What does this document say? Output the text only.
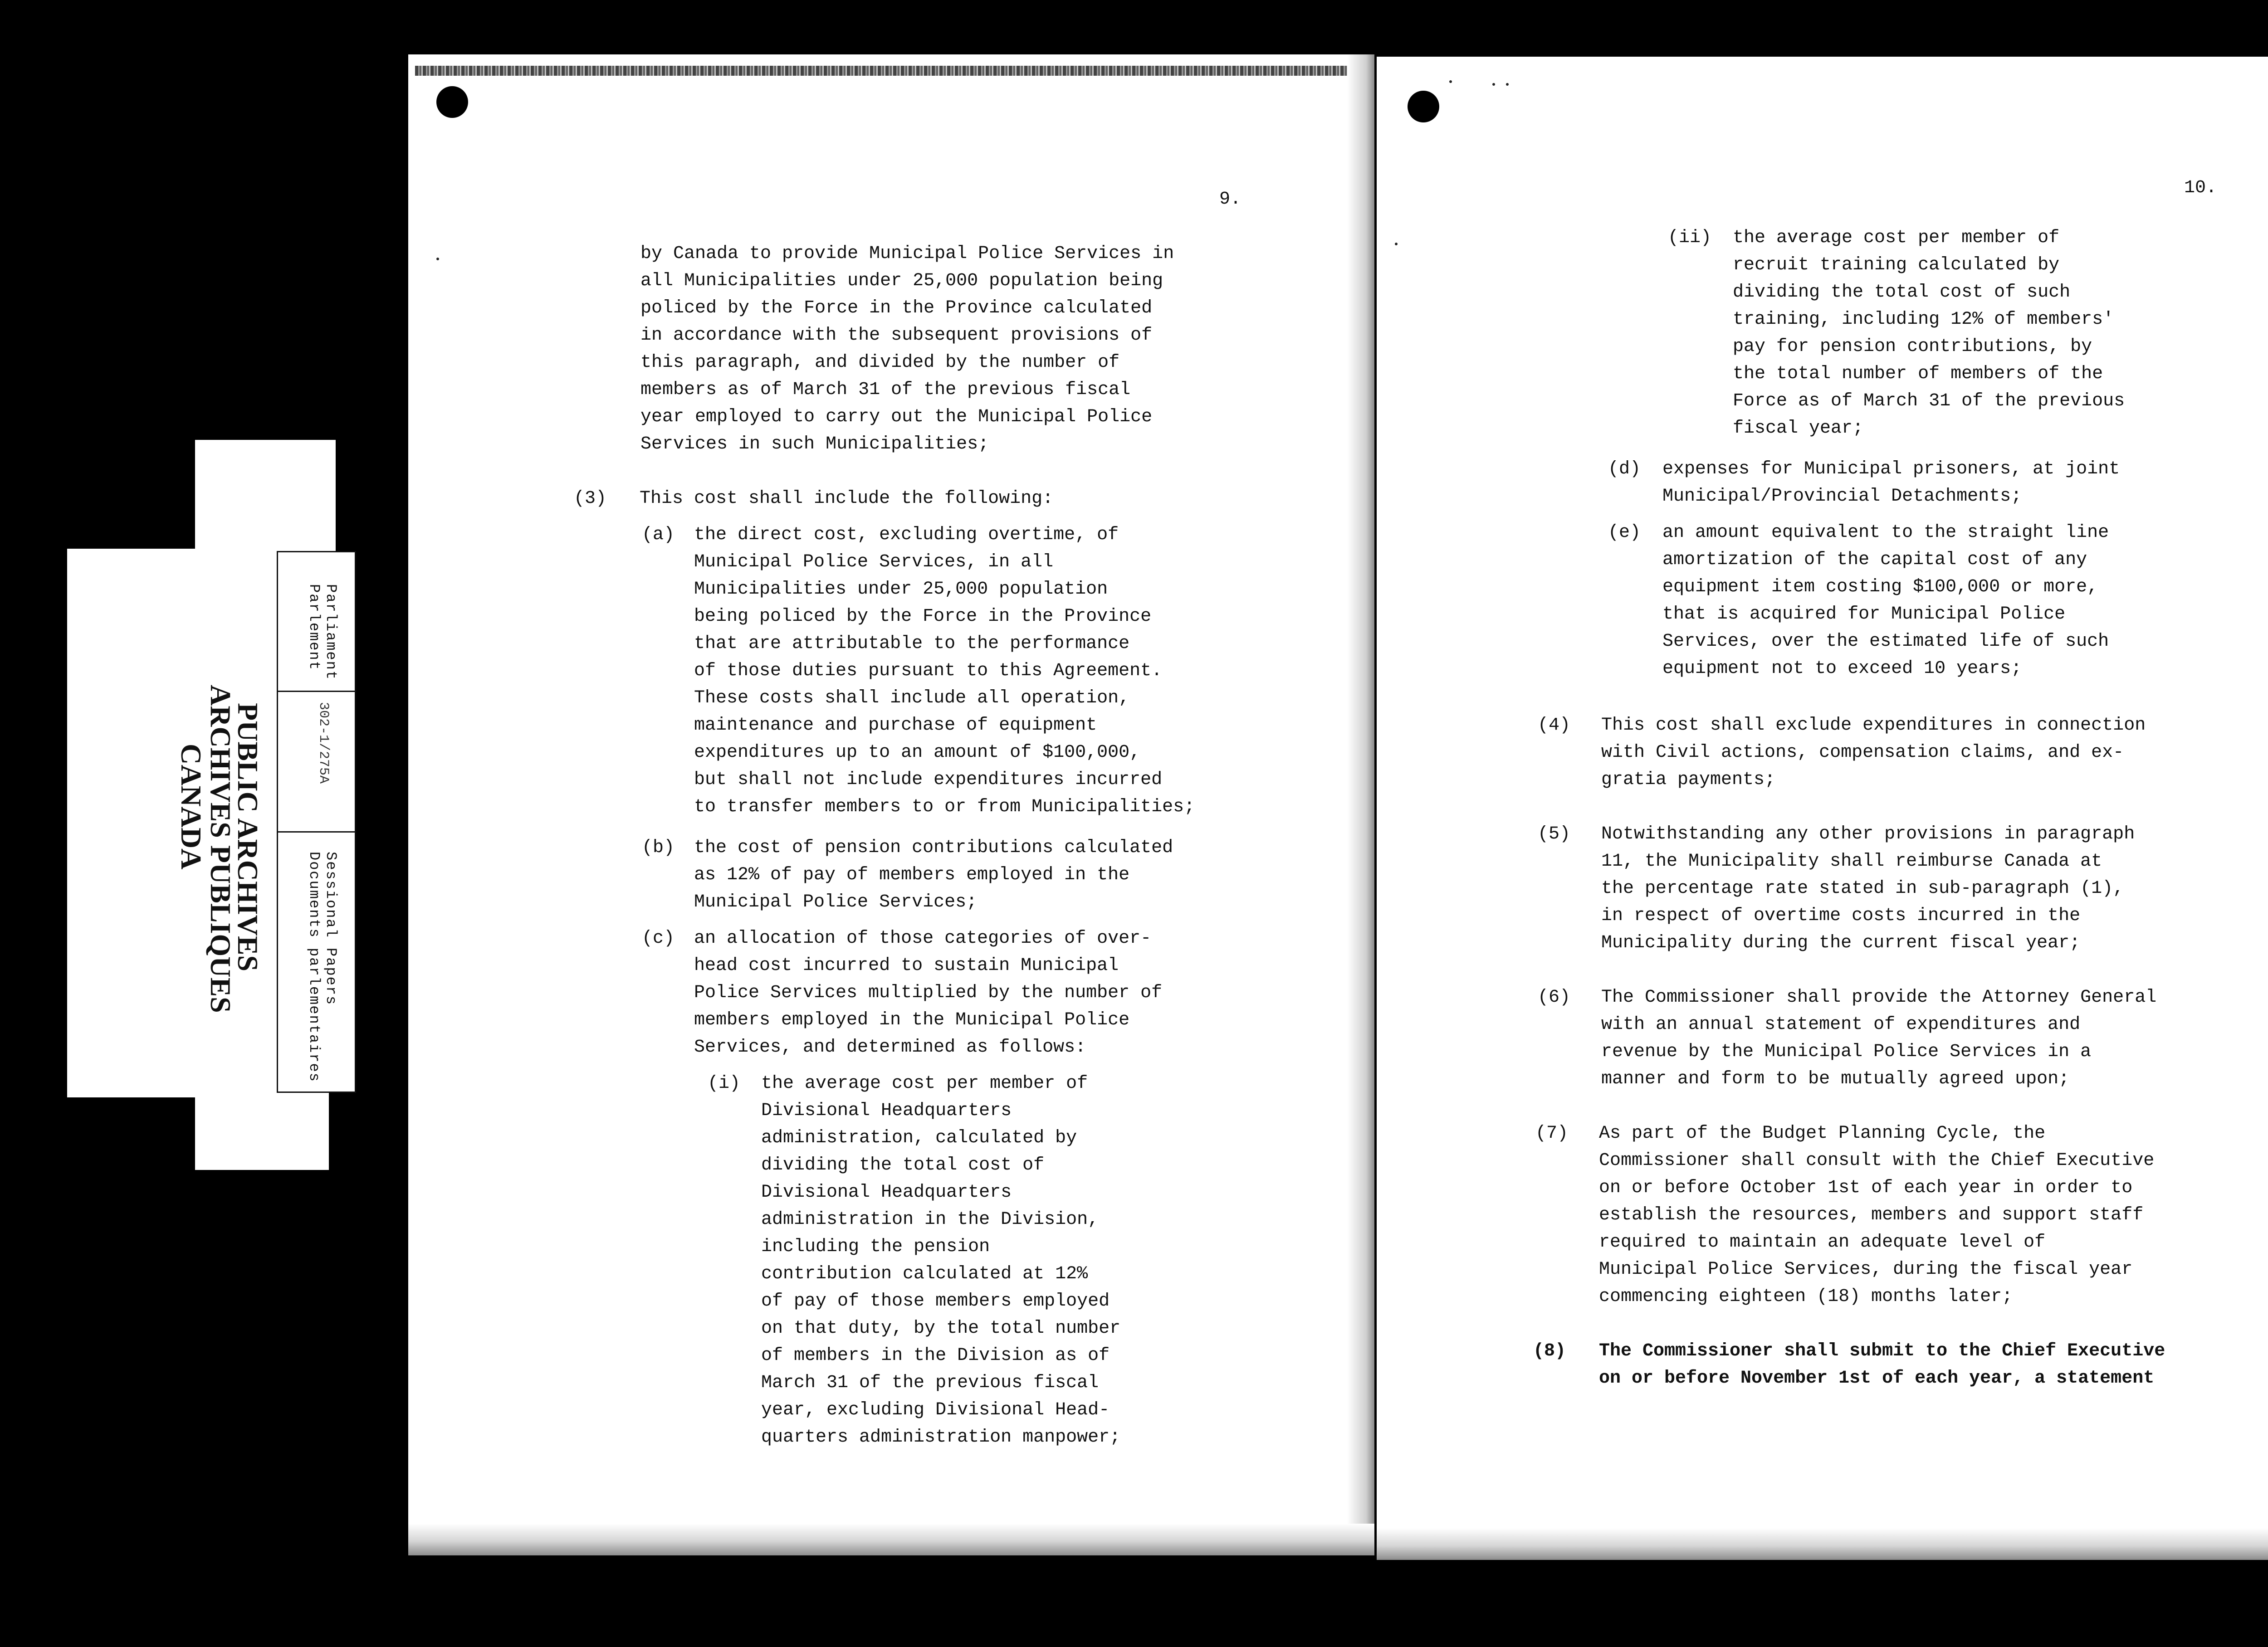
PUBLIC ARCHIVES
ARCHIVES PUBLIQUES
CANADA
Parliament
Parlement
302-1/275A
Sessional Papers
Documents parlementaires
9.
by Canada to provide Municipal Police Services in
all Municipalities under 25,000 population being
policed by the Force in the Province calculated
in accordance with the subsequent provisions of
this paragraph, and divided by the number of
members as of March 31 of the previous fiscal
year employed to carry out the Municipal Police
Services in such Municipalities;
(3) This cost shall include the following:
(a) the direct cost, excluding overtime, of
Municipal Police Services, in all
Municipalities under 25,000 population
being policed by the Force in the Province
that are attributable to the performance
of those duties pursuant to this Agreement.
These costs shall include all operation,
maintenance and purchase of equipment
expenditures up to an amount of $100,000,
but shall not include expenditures incurred
to transfer members to or from Municipalities;
(b) the cost of pension contributions calculated
as 12% of pay of members employed in the
Municipal Police Services;
(c) an allocation of those categories of over-
head cost incurred to sustain Municipal
Police Services multiplied by the number of
members employed in the Municipal Police
Services, and determined as follows:
(i) the average cost per member of
Divisional Headquarters
administration, calculated by
dividing the total cost of
Divisional Headquarters
administration in the Division,
including the pension
contribution calculated at 12%
of pay of those members employed
on that duty, by the total number
of members in the Division as of
March 31 of the previous fiscal
year, excluding Divisional Head-
quarters administration manpower;
10.
(ii) the average cost per member of
recruit training calculated by
dividing the total cost of such
training, including 12% of members'
pay for pension contributions, by
the total number of members of the
Force as of March 31 of the previous
fiscal year;
(d) expenses for Municipal prisoners, at joint
Municipal/Provincial Detachments;
(e) an amount equivalent to the straight line
amortization of the capital cost of any
equipment item costing $100,000 or more,
that is acquired for Municipal Police
Services, over the estimated life of such
equipment not to exceed 10 years;
(4) This cost shall exclude expenditures in connection
with Civil actions, compensation claims, and ex-
gratia payments;
(5) Notwithstanding any other provisions in paragraph
11, the Municipality shall reimburse Canada at
the percentage rate stated in sub-paragraph (1),
in respect of overtime costs incurred in the
Municipality during the current fiscal year;
(6) The Commissioner shall provide the Attorney General
with an annual statement of expenditures and
revenue by the Municipal Police Services in a
manner and form to be mutually agreed upon;
(7) As part of the Budget Planning Cycle, the
Commissioner shall consult with the Chief Executive
on or before October 1st of each year in order to
establish the resources, members and support staff
required to maintain an adequate level of
Municipal Police Services, during the fiscal year
commencing eighteen (18) months later;
(8) The Commissioner shall submit to the Chief Executive
on or before November 1st of each year, a statement
